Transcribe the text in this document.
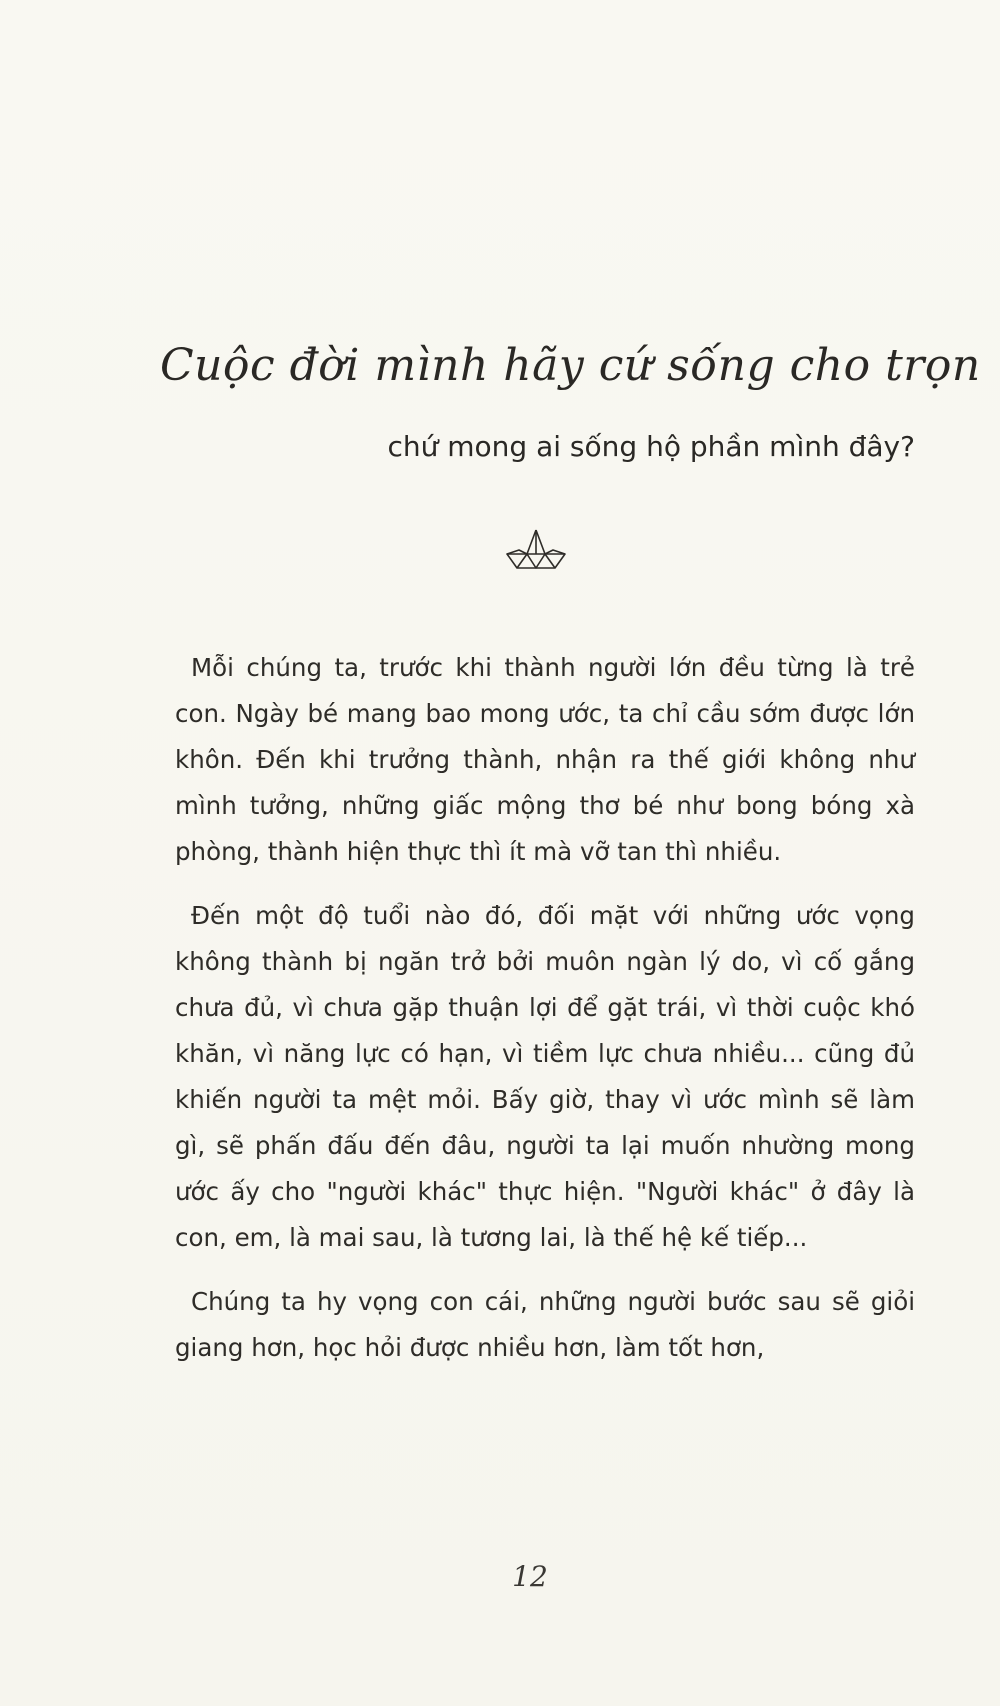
Cuộc đời mình hãy cứ sống cho trọn
chứ mong ai sống hộ phần mình đây?

Mỗi chúng ta, trước khi thành người lớn đều từng là trẻ con. Ngày bé mang bao mong ước, ta chỉ cầu sớm được lớn khôn. Đến khi trưởng thành, nhận ra thế giới không như mình tưởng, những giấc mộng thơ bé như bong bóng xà phòng, thành hiện thực thì ít mà vỡ tan thì nhiều.

Đến một độ tuổi nào đó, đối mặt với những ước vọng không thành bị ngăn trở bởi muôn ngàn lý do, vì cố gắng chưa đủ, vì chưa gặp thuận lợi để gặt trái, vì thời cuộc khó khăn, vì năng lực có hạn, vì tiềm lực chưa nhiều... cũng đủ khiến người ta mệt mỏi. Bấy giờ, thay vì ước mình sẽ làm gì, sẽ phấn đấu đến đâu, người ta lại muốn nhường mong ước ấy cho "người khác" thực hiện. "Người khác" ở đây là con, em, là mai sau, là tương lai, là thế hệ kế tiếp...

Chúng ta hy vọng con cái, những người bước sau sẽ giỏi giang hơn, học hỏi được nhiều hơn, làm tốt hơn,

12
